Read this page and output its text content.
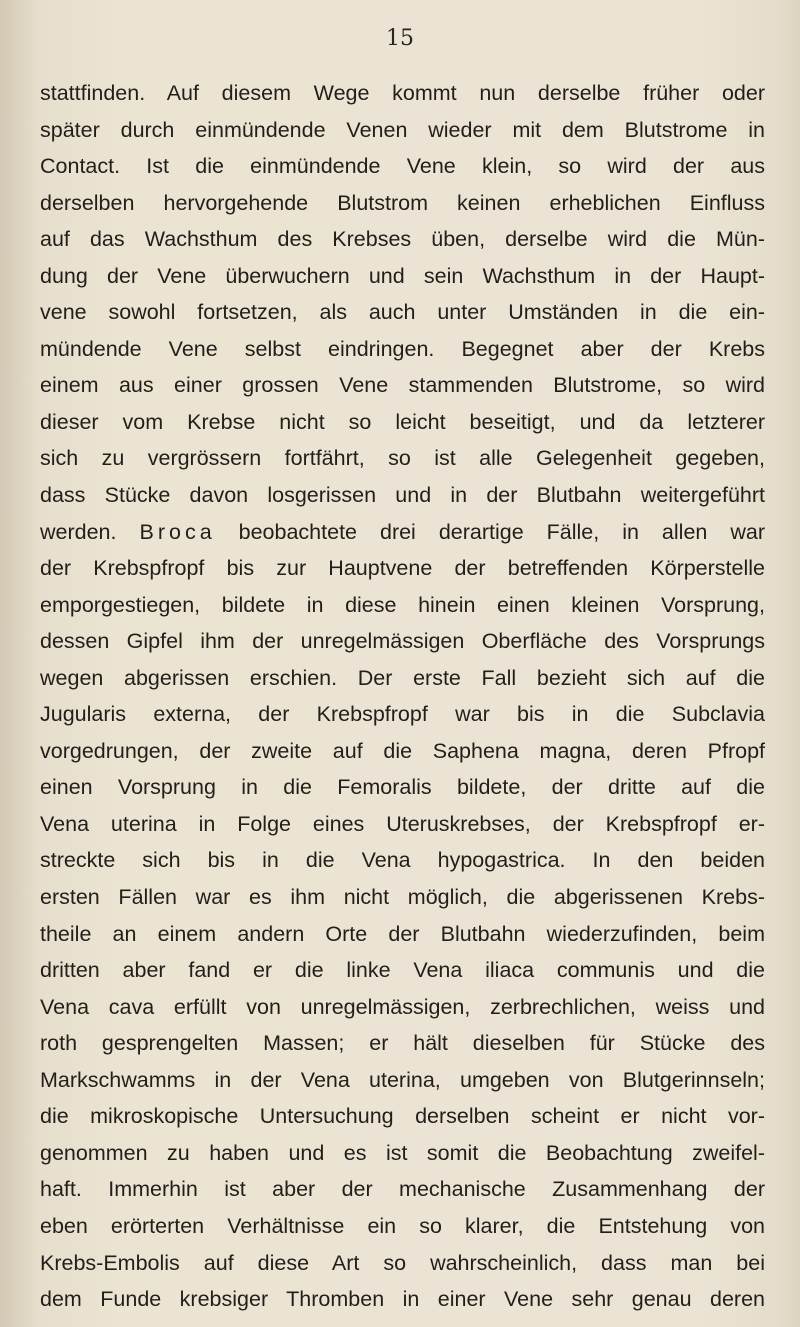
15
stattfinden. Auf diesem Wege kommt nun derselbe früher oder
später durch einmündende Venen wieder mit dem Blutstrome in
Contact. Ist die einmündende Vene klein, so wird der aus
derselben hervorgehende Blutstrom keinen erheblichen Einfluss
auf das Wachsthum des Krebses üben, derselbe wird die Mün-
dung der Vene überwuchern und sein Wachsthum in der Haupt-
vene sowohl fortsetzen, als auch unter Umständen in die ein-
mündende Vene selbst eindringen. Begegnet aber der Krebs
einem aus einer grossen Vene stammenden Blutstrome, so wird
dieser vom Krebse nicht so leicht beseitigt, und da letzterer
sich zu vergrössern fortfährt, so ist alle Gelegenheit gegeben,
dass Stücke davon losgerissen und in der Blutbahn weitergeführt
werden. Broca beobachtete drei derartige Fälle, in allen war
der Krebspfropf bis zur Hauptvene der betreffenden Körperstelle
emporgestiegen, bildete in diese hinein einen kleinen Vorsprung,
dessen Gipfel ihm der unregelmässigen Oberfläche des Vorsprungs
wegen abgerissen erschien. Der erste Fall bezieht sich auf die
Jugularis externa, der Krebspfropf war bis in die Subclavia
vorgedrungen, der zweite auf die Saphena magna, deren Pfropf
einen Vorsprung in die Femoralis bildete, der dritte auf die
Vena uterina in Folge eines Uteruskrebses, der Krebspfropf er-
streckte sich bis in die Vena hypogastrica. In den beiden
ersten Fällen war es ihm nicht möglich, die abgerissenen Krebs-
theile an einem andern Orte der Blutbahn wiederzufinden, beim
dritten aber fand er die linke Vena iliaca communis und die
Vena cava erfüllt von unregelmässigen, zerbrechlichen, weiss und
roth gesprengelten Massen; er hält dieselben für Stücke des
Markschwamms in der Vena uterina, umgeben von Blutgerinnseln;
die mikroskopische Untersuchung derselben scheint er nicht vor-
genommen zu haben und es ist somit die Beobachtung zweifel-
haft. Immerhin ist aber der mechanische Zusammenhang der
eben erörterten Verhältnisse ein so klarer, die Entstehung von
Krebs-Embolis auf diese Art so wahrscheinlich, dass man bei
dem Funde krebsiger Thromben in einer Vene sehr genau deren
